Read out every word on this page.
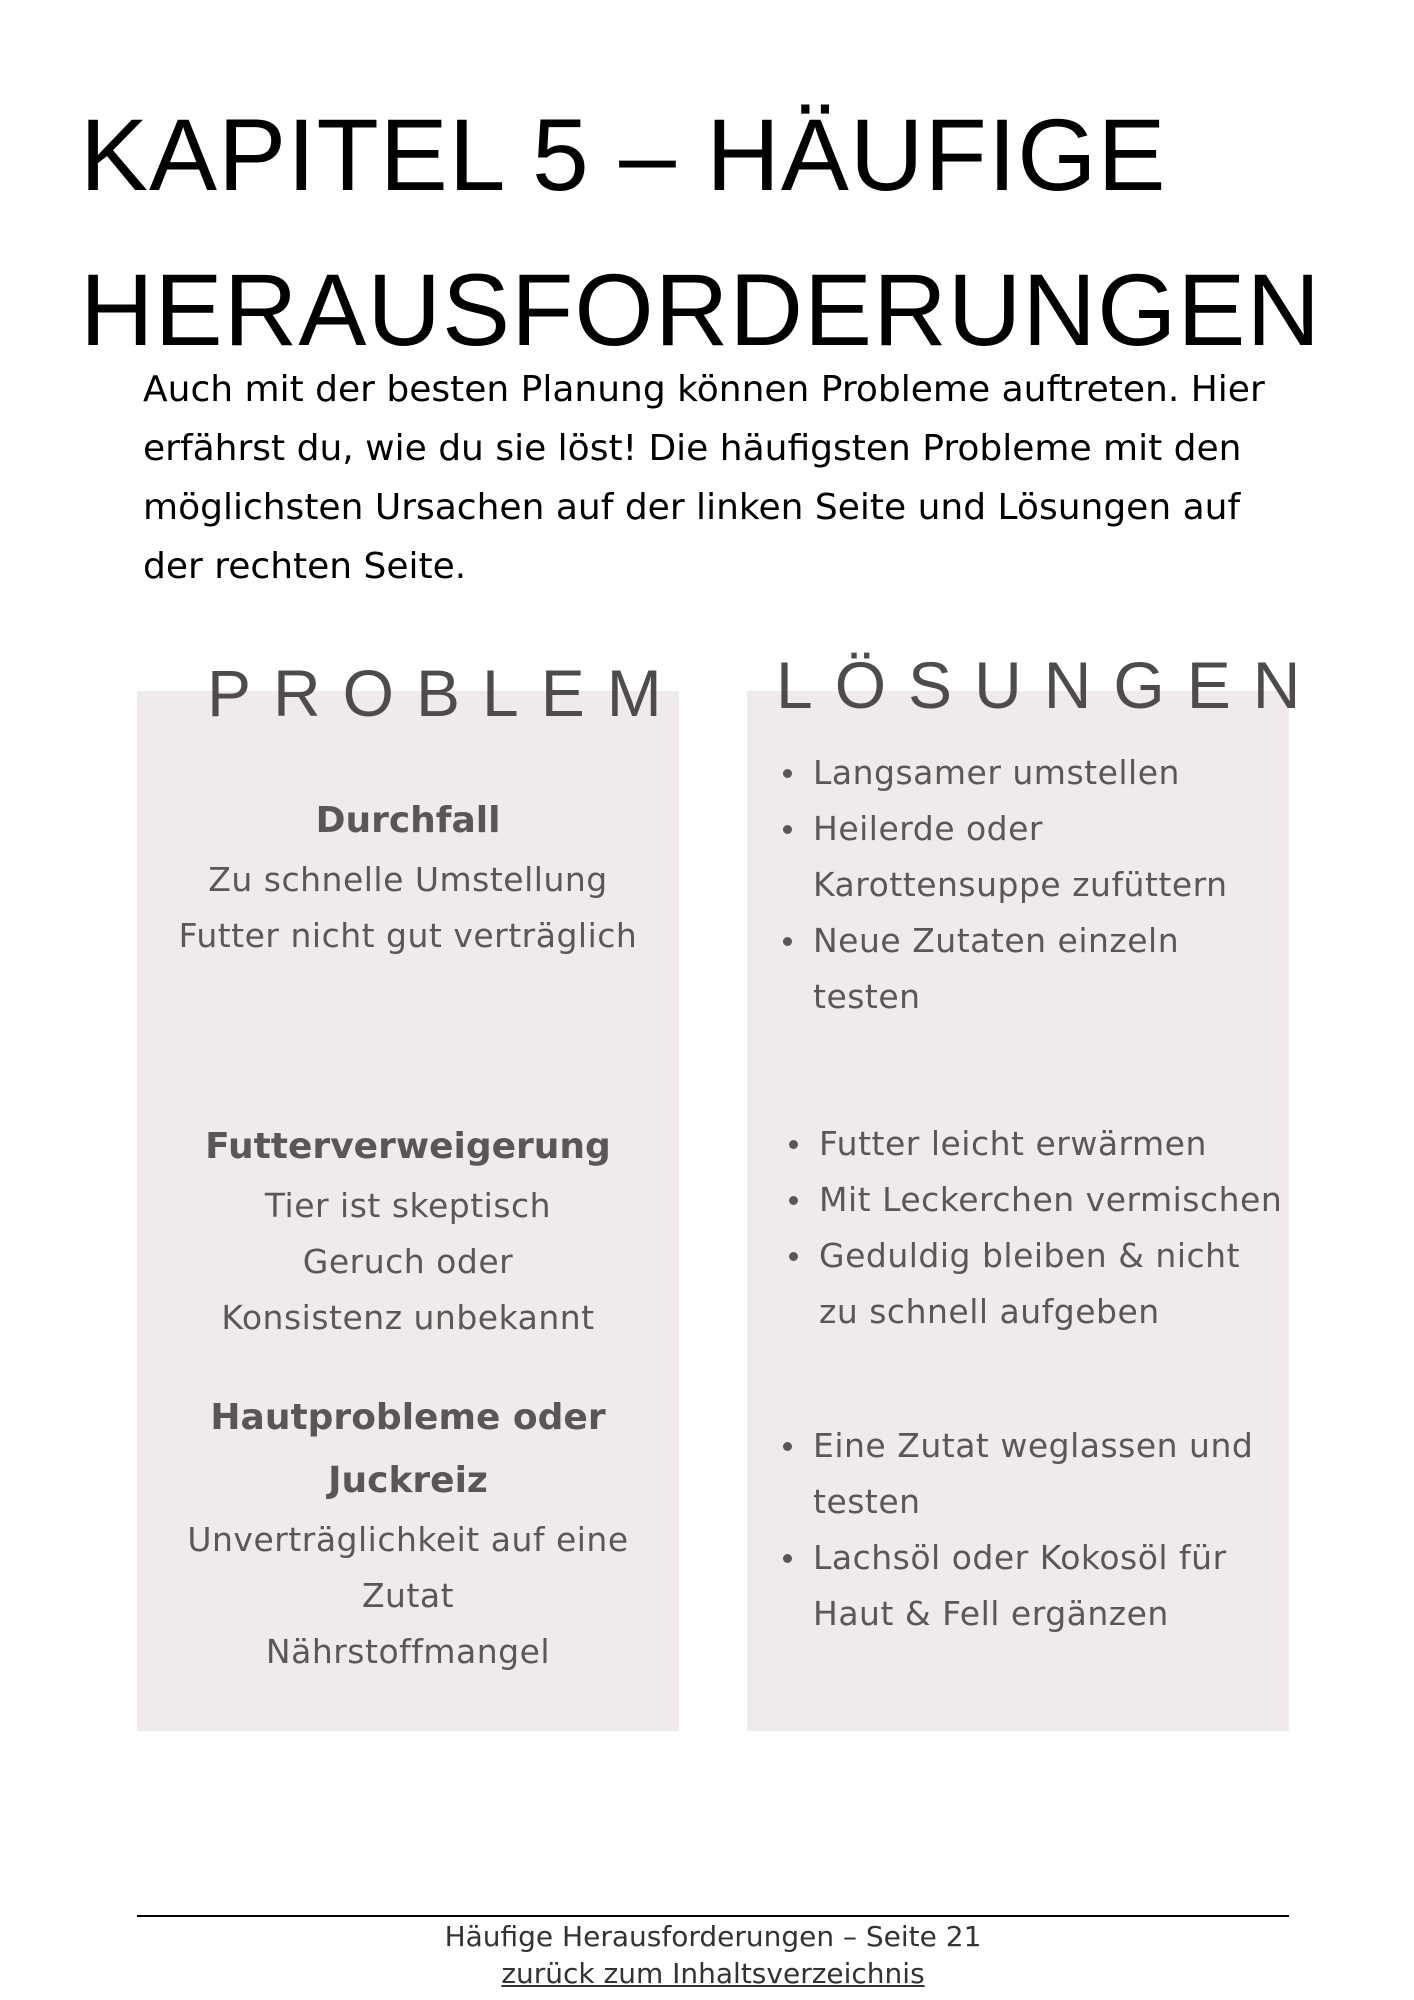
KAPITEL 5 – HÄUFIGE HERAUSFORDERUNGEN

Auch mit der besten Planung können Probleme auftreten. Hier erfährst du, wie du sie löst! Die häufigsten Probleme mit den möglichsten Ursachen auf der linken Seite und Lösungen auf der rechten Seite.

PROBLEM LÖSUNGEN

Durchfall

Zu schnelle Umstellung

Futter nicht gut verträglich

Futterverweigerung

Tier ist skeptisch

Geruch oder Konsistenz unbekannt

Hautprobleme oder Juckreiz

Unverträglichkeit auf eine Zutat

Nährstoffmangel

Langsamer umstellen
Heilerde oder Karottensuppe zufüttern
Neue Zutaten einzeln testen
Futter leicht erwärmen
Mit Leckerchen vermischen
Geduldig bleiben & nicht zu schnell aufgeben
Eine Zutat weglassen und testen
Lachsöl oder Kokosöl für Haut & Fell ergänzen

Häufige Herausforderungen – Seite 21

zurück zum Inhaltsverzeichnis
